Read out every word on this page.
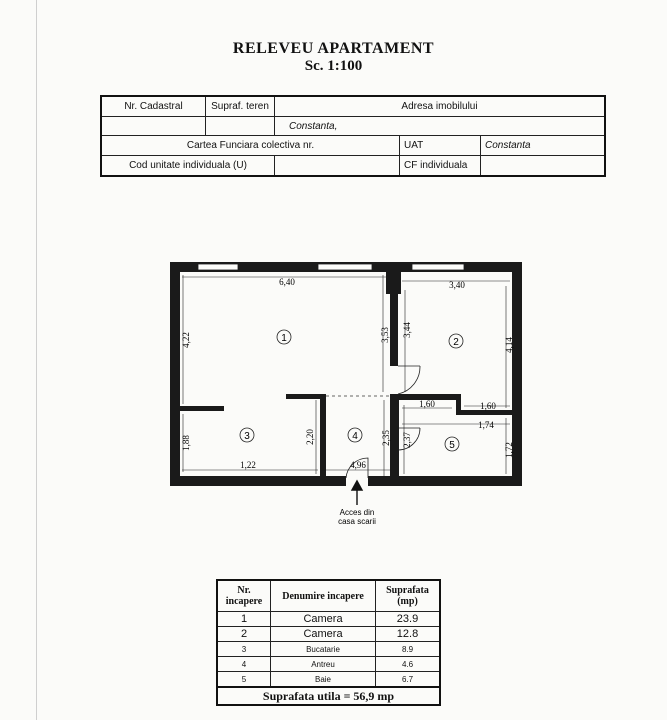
RELEVEU APARTAMENT
Sc. 1:100
Nr. Cadastral	Supraf. teren	Adresa imobilului		
		Constanta,		
Cartea Funciara colectiva nr.			UAT	Constanta
Cod unitate individuala (U)			CF individuala	
6,40	3,40
4,22	3,53 3,44
4,14
1,88	2,20	2,35 2,37
1,72
1,22	4,96
1,60	1,60
1,74
1	2
3	4
5
Acces din
casa scarii
Nr. incapere	Denumire incapere	Suprafata (mp)
1	Camera	23.9
2	Camera	12.8
3	Bucatarie	8.9
4	Antreu	4.6
5	Baie	6.7
Suprafata utila = 56,9 mp		
